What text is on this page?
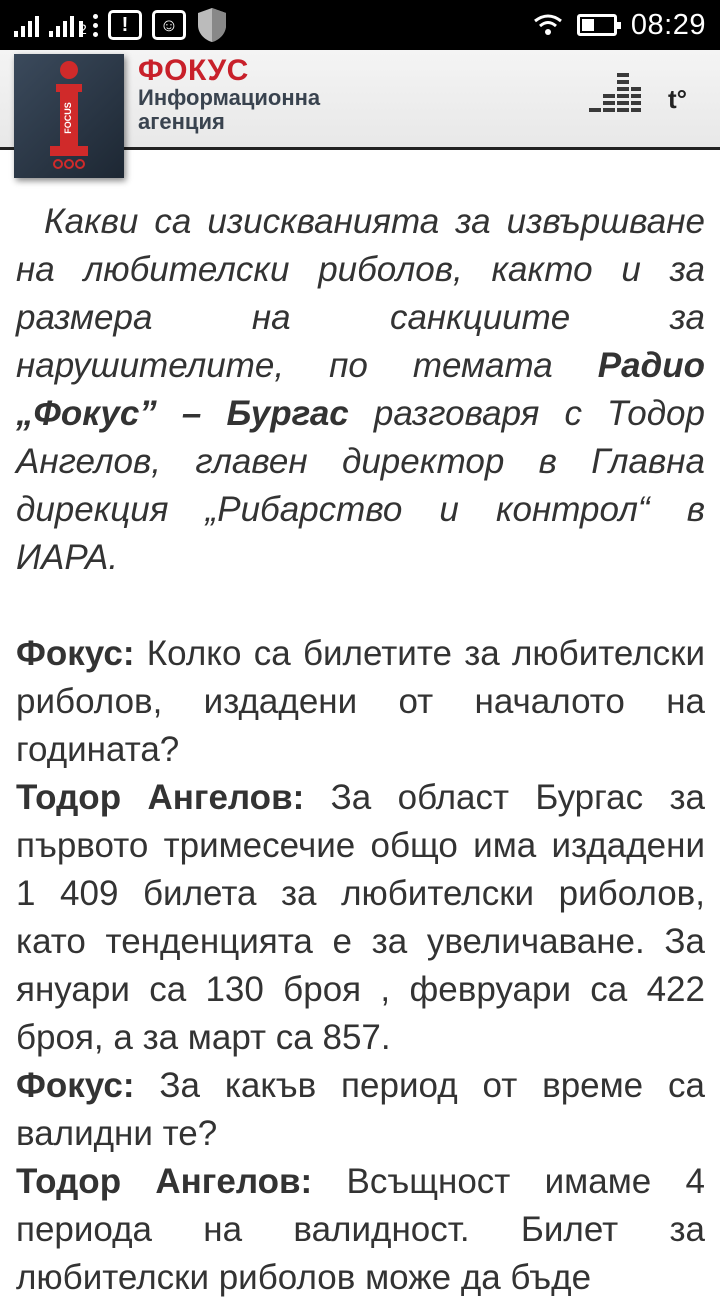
2	!	☺	08:29
FOCUS
ФОКУС
Информационна
агенция
t°

Какви са изискванията за извършване на любителски риболов, както и за размера на санкциите за нарушителите, по темата Радио „Фокус” – Бургас разговаря с Тодор Ангелов, главен директор в Главна дирекция „Рибарство и контрол“ в ИАРА.

Фокус: Колко са билетите за любителски риболов, издадени от началото на годината?

Тодор Ангелов: За област Бургас за първото тримесечие общо има издадени 1 409 билета за любителски риболов, като тенденцията е за увеличаване. За януари са 130 броя , февруари са 422 броя, а за март са 857.

Фокус: За какъв период от време са валидни те?

Тодор Ангелов: Всъщност имаме 4 периода на валидност. Билет за любителски риболов може да бъде
